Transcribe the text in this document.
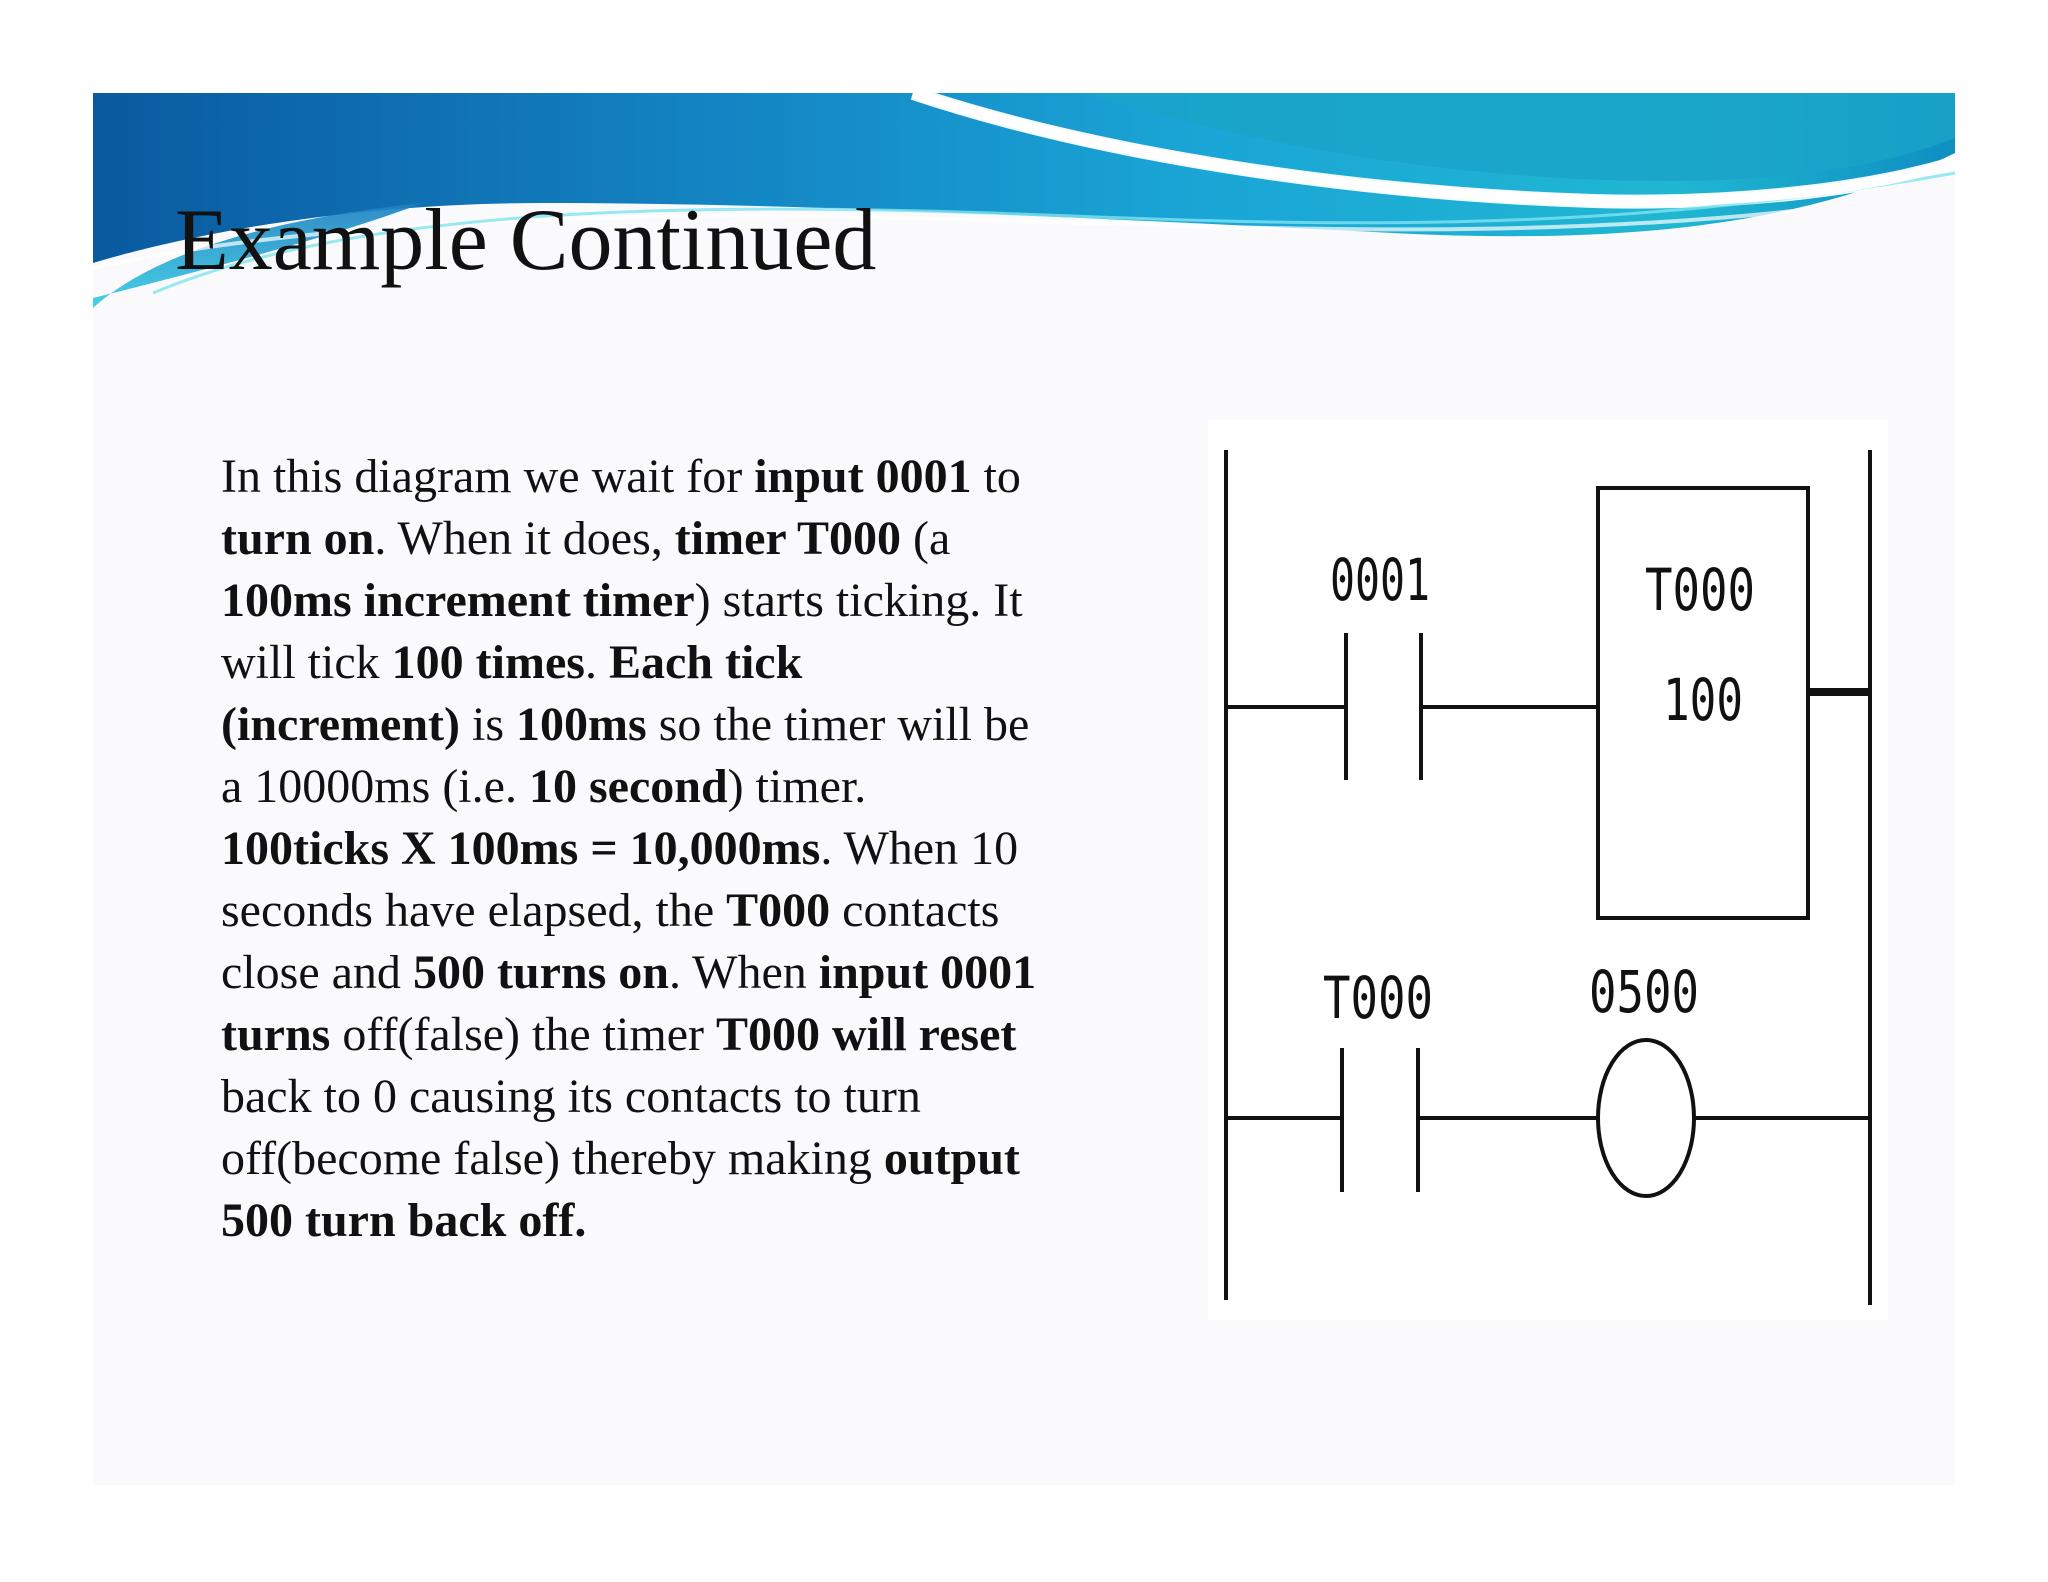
Example Continued
In this diagram we wait for input 0001 to
turn on. When it does, timer T000 (a
100ms increment timer) starts ticking. It
will tick 100 times. Each tick
(increment) is 100ms so the timer will be
a 10000ms (i.e. 10 second) timer.
100ticks X 100ms = 10,000ms. When 10
seconds have elapsed, the T000 contacts
close and 500 turns on. When input 0001
turns off(false) the timer T000 will reset
back to 0 causing its contacts to turn
off(become false) thereby making output
500 turn back off.
0001	T000
100
T000	0500
